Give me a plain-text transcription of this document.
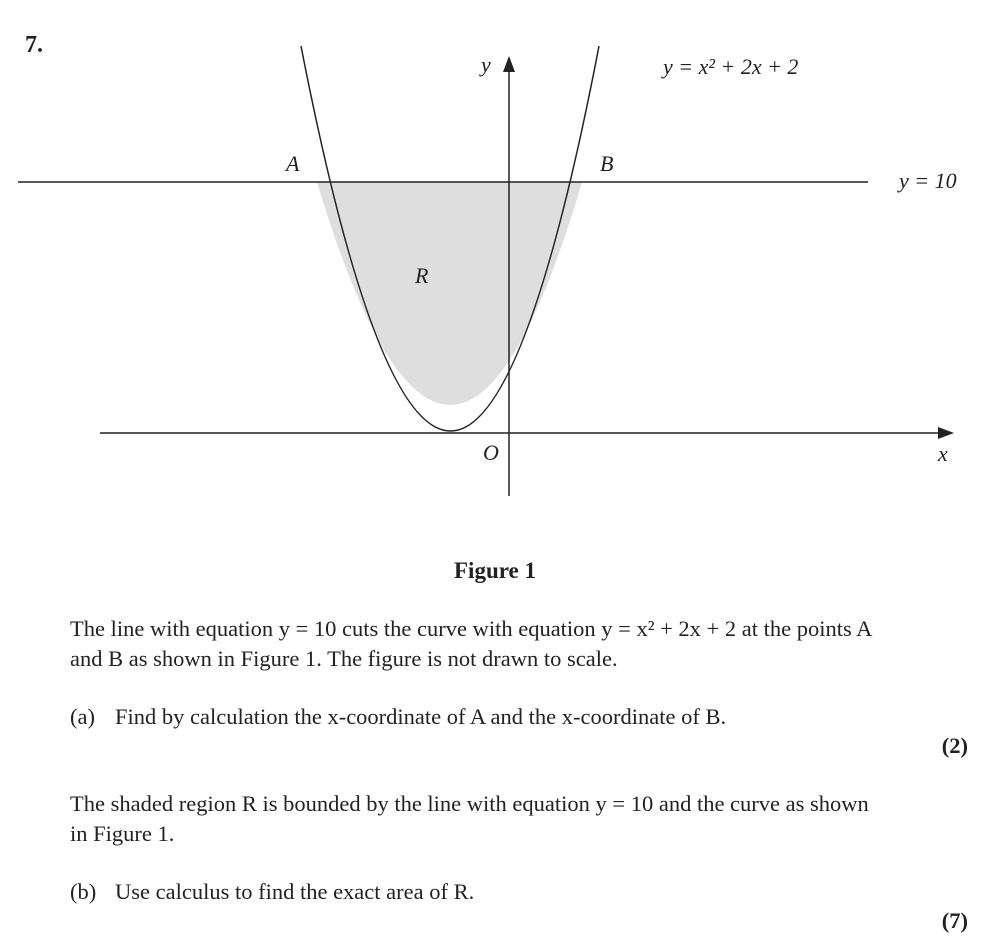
7.
y = x² + 2x + 2
y = 10
A	B
R
y
x
O
Figure 1
The line with equation y = 10 cuts the curve with equation y = x² + 2x + 2 at the points A
and B as shown in Figure 1. The figure is not drawn to scale.
(a) Find by calculation the x-coordinate of A and the x-coordinate of B.
(2)
The shaded region R is bounded by the line with equation y = 10 and the curve as shown
in Figure 1.
(b) Use calculus to find the exact area of R.
(7)
